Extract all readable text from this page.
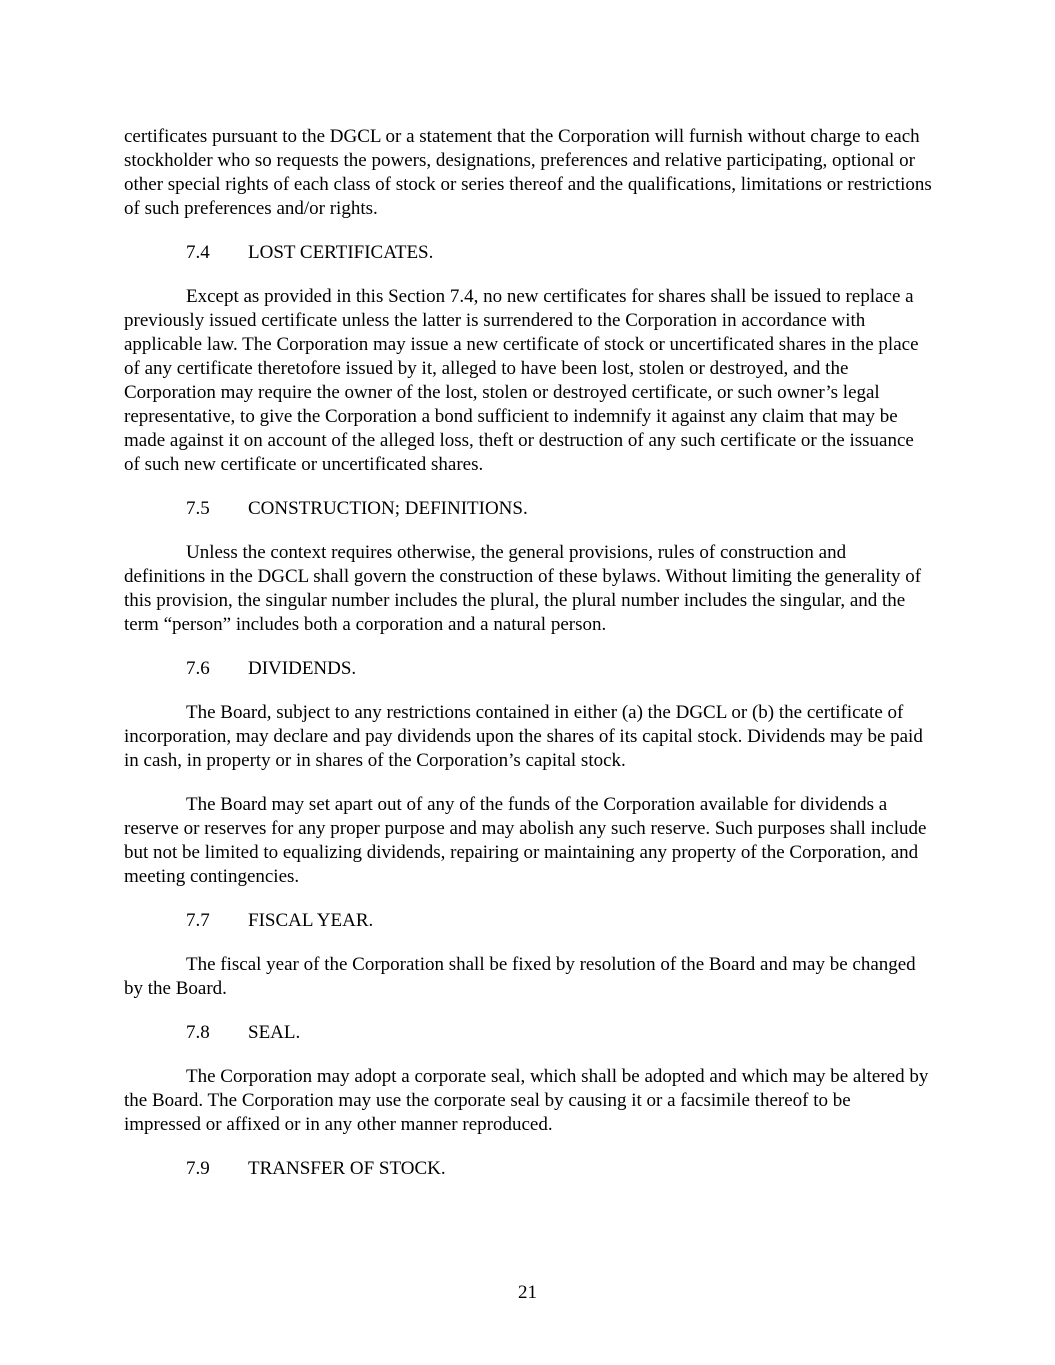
certificates pursuant to the DGCL or a statement that the Corporation will furnish without charge to each stockholder who so requests the powers, designations, preferences and relative participating, optional or other special rights of each class of stock or series thereof and the qualifications, limitations or restrictions of such preferences and/or rights.

7.4 LOST CERTIFICATES.

Except as provided in this Section 7.4, no new certificates for shares shall be issued to replace a previously issued certificate unless the latter is surrendered to the Corporation in accordance with applicable law. The Corporation may issue a new certificate of stock or uncertificated shares in the place of any certificate theretofore issued by it, alleged to have been lost, stolen or destroyed, and the Corporation may require the owner of the lost, stolen or destroyed certificate, or such owner’s legal representative, to give the Corporation a bond sufficient to indemnify it against any claim that may be made against it on account of the alleged loss, theft or destruction of any such certificate or the issuance of such new certificate or uncertificated shares.

7.5 CONSTRUCTION; DEFINITIONS.

Unless the context requires otherwise, the general provisions, rules of construction and definitions in the DGCL shall govern the construction of these bylaws. Without limiting the generality of this provision, the singular number includes the plural, the plural number includes the singular, and the term “person” includes both a corporation and a natural person.

7.6 DIVIDENDS.

The Board, subject to any restrictions contained in either (a) the DGCL or (b) the certificate of incorporation, may declare and pay dividends upon the shares of its capital stock. Dividends may be paid in cash, in property or in shares of the Corporation’s capital stock.

The Board may set apart out of any of the funds of the Corporation available for dividends a reserve or reserves for any proper purpose and may abolish any such reserve. Such purposes shall include but not be limited to equalizing dividends, repairing or maintaining any property of the Corporation, and meeting contingencies.

7.7 FISCAL YEAR.

The fiscal year of the Corporation shall be fixed by resolution of the Board and may be changed by the Board.

7.8 SEAL.

The Corporation may adopt a corporate seal, which shall be adopted and which may be altered by the Board. The Corporation may use the corporate seal by causing it or a facsimile thereof to be impressed or affixed or in any other manner reproduced.

7.9 TRANSFER OF STOCK.
21
